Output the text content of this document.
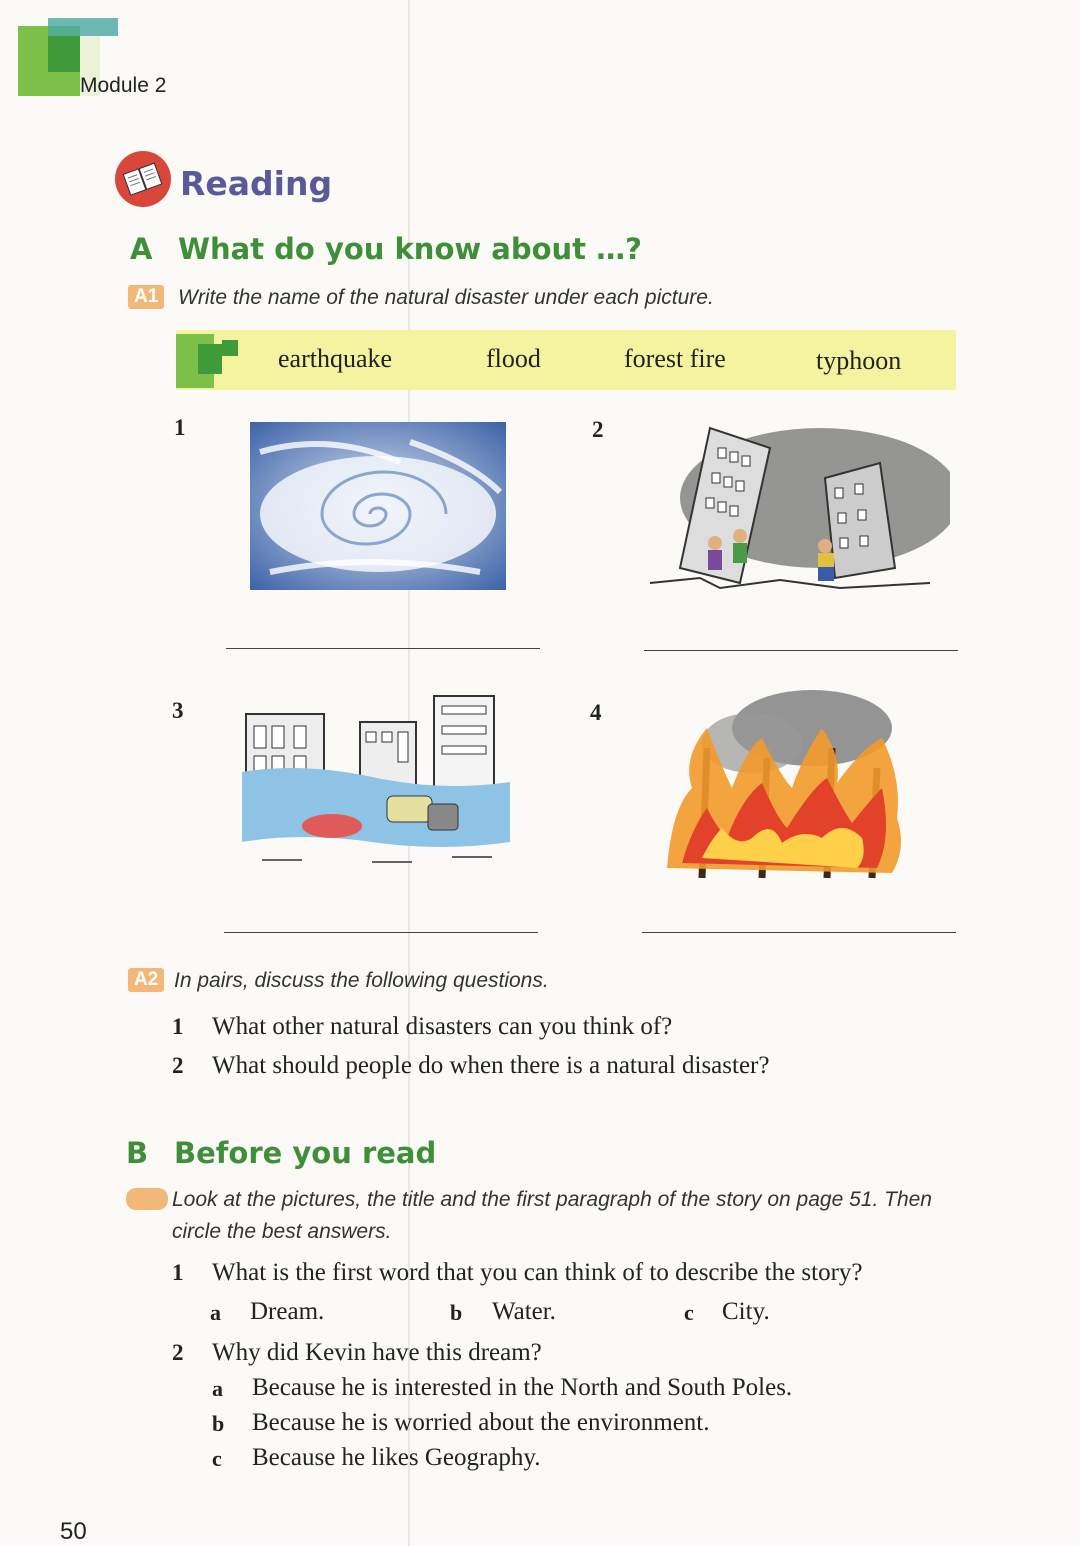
Module 2
Reading
A What do you know about …?
A1 Write the name of the natural disaster under each picture.
earthquake	flood	forest fire	typhoon
1	2
3	4
A2 In pairs, discuss the following questions.
1 What other natural disasters can you think of?
2 What should people do when there is a natural disaster?
B Before you read
Look at the pictures, the title and the first paragraph of the story on page 51. Then
circle the best answers.
1 What is the first word that you can think of to describe the story?
a Dream.	b Water.	c City.
2 Why did Kevin have this dream?
a Because he is interested in the North and South Poles.
b Because he is worried about the environment.
c Because he likes Geography.
50
